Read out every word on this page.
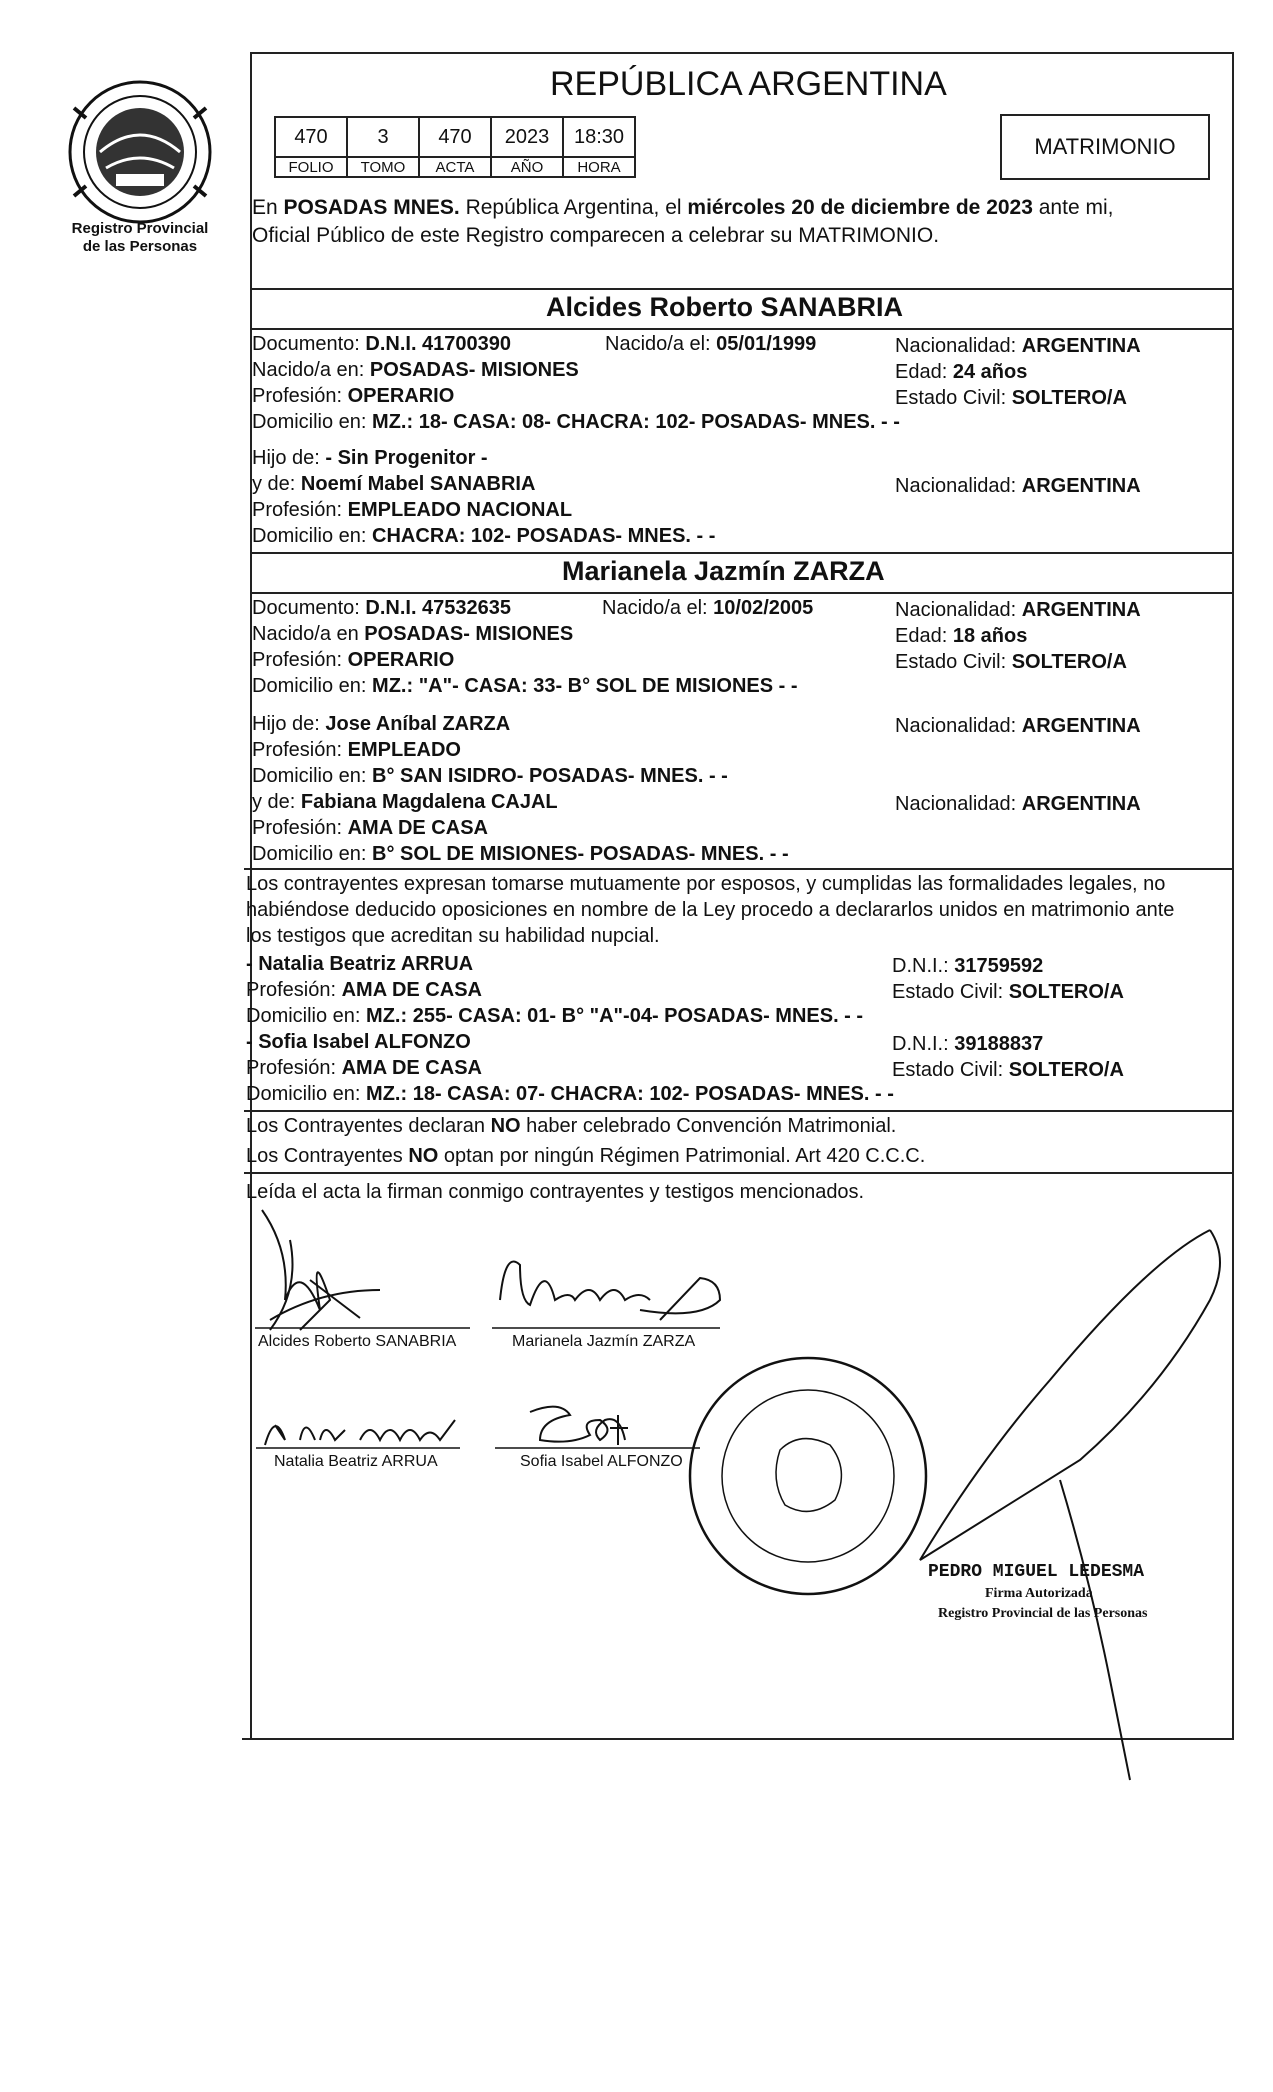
Registro Provincial
de las Personas
REPÚBLICA ARGENTINA
470	3	470	2023	18:30
FOLIO	TOMO	ACTA	AÑO	HORA
MATRIMONIO
En POSADAS MNES. República Argentina, el miércoles 20 de diciembre de 2023 ante mi,
Oficial Público de este Registro comparecen a celebrar su MATRIMONIO.
Alcides Roberto SANABRIA
Documento: D.N.I. 41700390	Nacido/a el: 05/01/1999	Nacionalidad: ARGENTINA
Nacido/a en: POSADAS- MISIONES	Edad: 24 años
Profesión: OPERARIO	Estado Civil: SOLTERO/A
Domicilio en: MZ.: 18- CASA: 08- CHACRA: 102- POSADAS- MNES. - -
Hijo de: - Sin Progenitor -
y de: Noemí Mabel SANABRIA	Nacionalidad: ARGENTINA
Profesión: EMPLEADO NACIONAL
Domicilio en: CHACRA: 102- POSADAS- MNES. - -
Marianela Jazmín ZARZA
Documento: D.N.I. 47532635	Nacido/a el: 10/02/2005	Nacionalidad: ARGENTINA
Nacido/a en POSADAS- MISIONES	Edad: 18 años
Profesión: OPERARIO	Estado Civil: SOLTERO/A
Domicilio en: MZ.: "A"- CASA: 33- B° SOL DE MISIONES - -
Hijo de: Jose Aníbal ZARZA	Nacionalidad: ARGENTINA
Profesión: EMPLEADO
Domicilio en: B° SAN ISIDRO- POSADAS- MNES. - -
y de: Fabiana Magdalena CAJAL	Nacionalidad: ARGENTINA
Profesión: AMA DE CASA
Domicilio en: B° SOL DE MISIONES- POSADAS- MNES. - -
Los contrayentes expresan tomarse mutuamente por esposos, y cumplidas las formalidades legales, no
habiéndose deducido oposiciones en nombre de la Ley procedo a declararlos unidos en matrimonio ante
los testigos que acreditan su habilidad nupcial.
- Natalia Beatriz ARRUA	D.N.I.: 31759592
Profesión: AMA DE CASA	Estado Civil: SOLTERO/A
Domicilio en: MZ.: 255- CASA: 01- B° "A"-04- POSADAS- MNES. - -
- Sofia Isabel ALFONZO	D.N.I.: 39188837
Profesión: AMA DE CASA	Estado Civil: SOLTERO/A
Domicilio en: MZ.: 18- CASA: 07- CHACRA: 102- POSADAS- MNES. - -
Los Contrayentes declaran NO haber celebrado Convención Matrimonial.
Los Contrayentes NO optan por ningún Régimen Patrimonial. Art 420 C.C.C.
Leída el acta la firman conmigo contrayentes y testigos mencionados.
Alcides Roberto SANABRIA	Marianela Jazmín ZARZA
Natalia Beatriz ARRUA	Sofia Isabel ALFONZO
PEDRO MIGUEL LEDESMA
Firma Autorizada
Registro Provincial de las Personas
